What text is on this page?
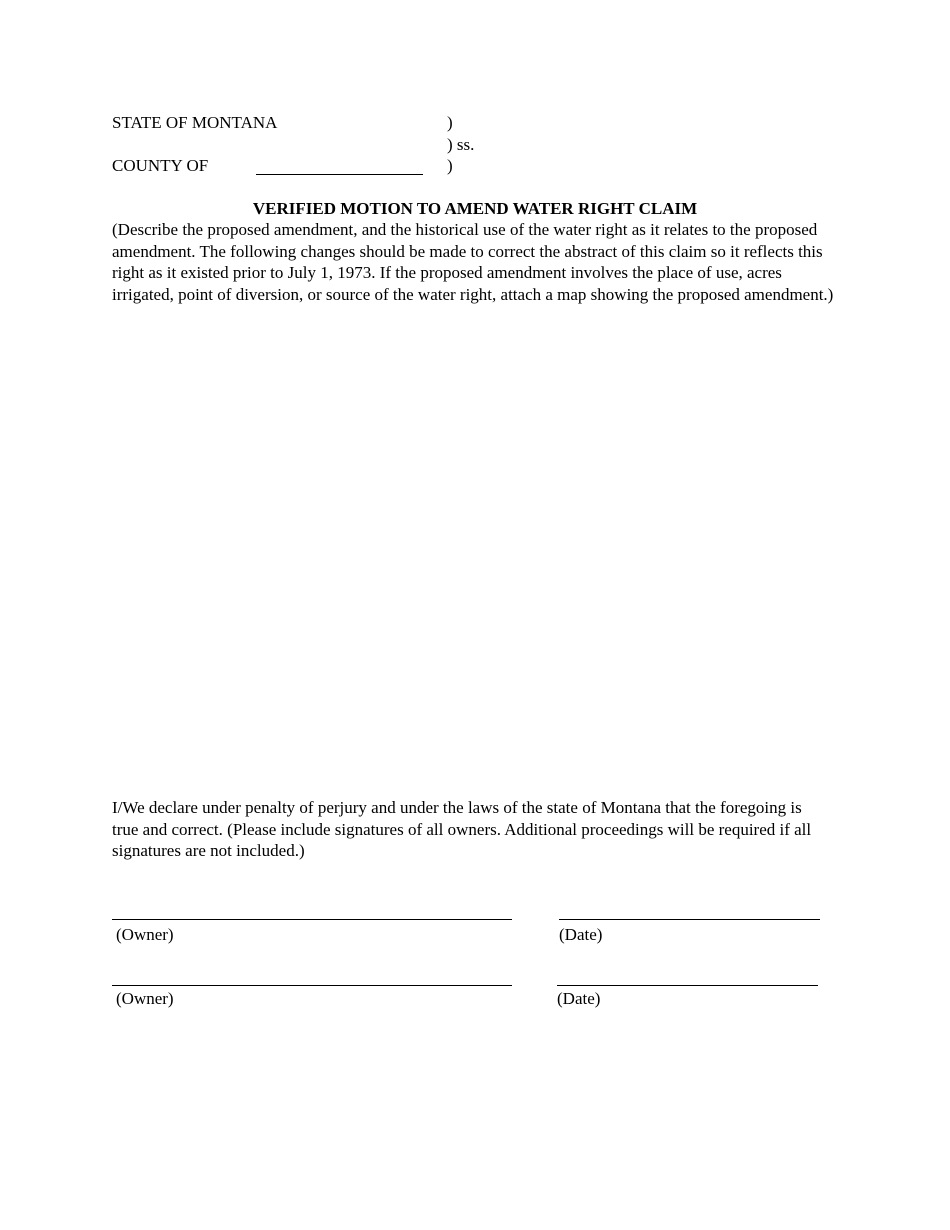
STATE OF MONTANA	)
) ss.
COUNTY OF	)
VERIFIED MOTION TO AMEND WATER RIGHT CLAIM
(Describe the proposed amendment, and the historical use of the water right as it relates to the proposed amendment. The following changes should be made to correct the abstract of this claim so it reflects this right as it existed prior to July 1, 1973. If the proposed amendment involves the place of use, acres irrigated, point of diversion, or source of the water right, attach a map showing the proposed amendment.)
I/We declare under penalty of perjury and under the laws of the state of Montana that the foregoing is true and correct. (Please include signatures of all owners. Additional proceedings will be required if all signatures are not included.)
(Owner)	(Date)
(Owner)	(Date)
